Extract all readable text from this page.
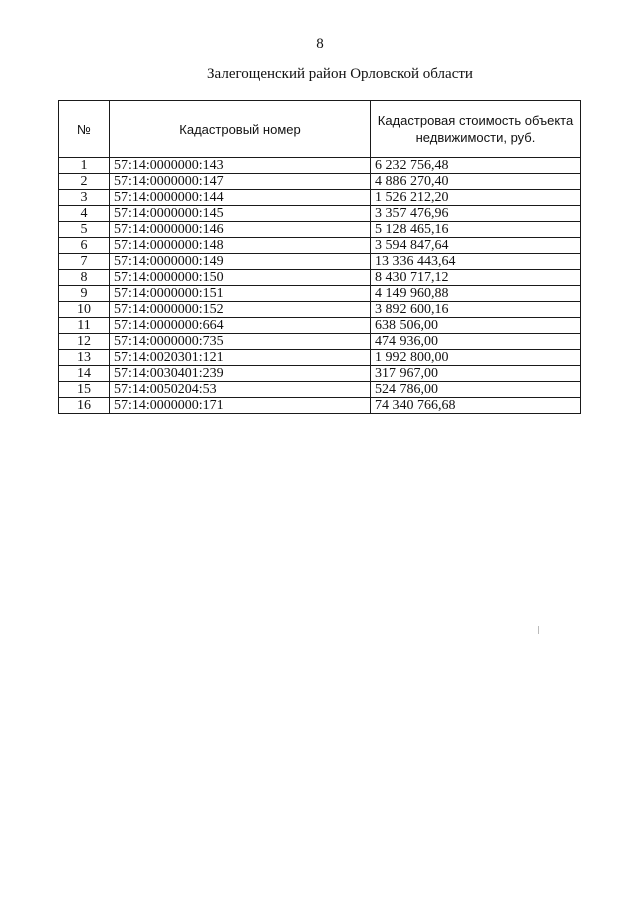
8
Залегощенский район Орловской области
№	Кадастровый номер	Кадастровая стоимость объекта недвижимости, руб.
1	57:14:0000000:143	6 232 756,48
2	57:14:0000000:147	4 886 270,40
3	57:14:0000000:144	1 526 212,20
4	57:14:0000000:145	3 357 476,96
5	57:14:0000000:146	5 128 465,16
6	57:14:0000000:148	3 594 847,64
7	57:14:0000000:149	13 336 443,64
8	57:14:0000000:150	8 430 717,12
9	57:14:0000000:151	4 149 960,88
10	57:14:0000000:152	3 892 600,16
11	57:14:0000000:664	638 506,00
12	57:14:0000000:735	474 936,00
13	57:14:0020301:121	1 992 800,00
14	57:14:0030401:239	317 967,00
15	57:14:0050204:53	524 786,00
16	57:14:0000000:171	74 340 766,68
